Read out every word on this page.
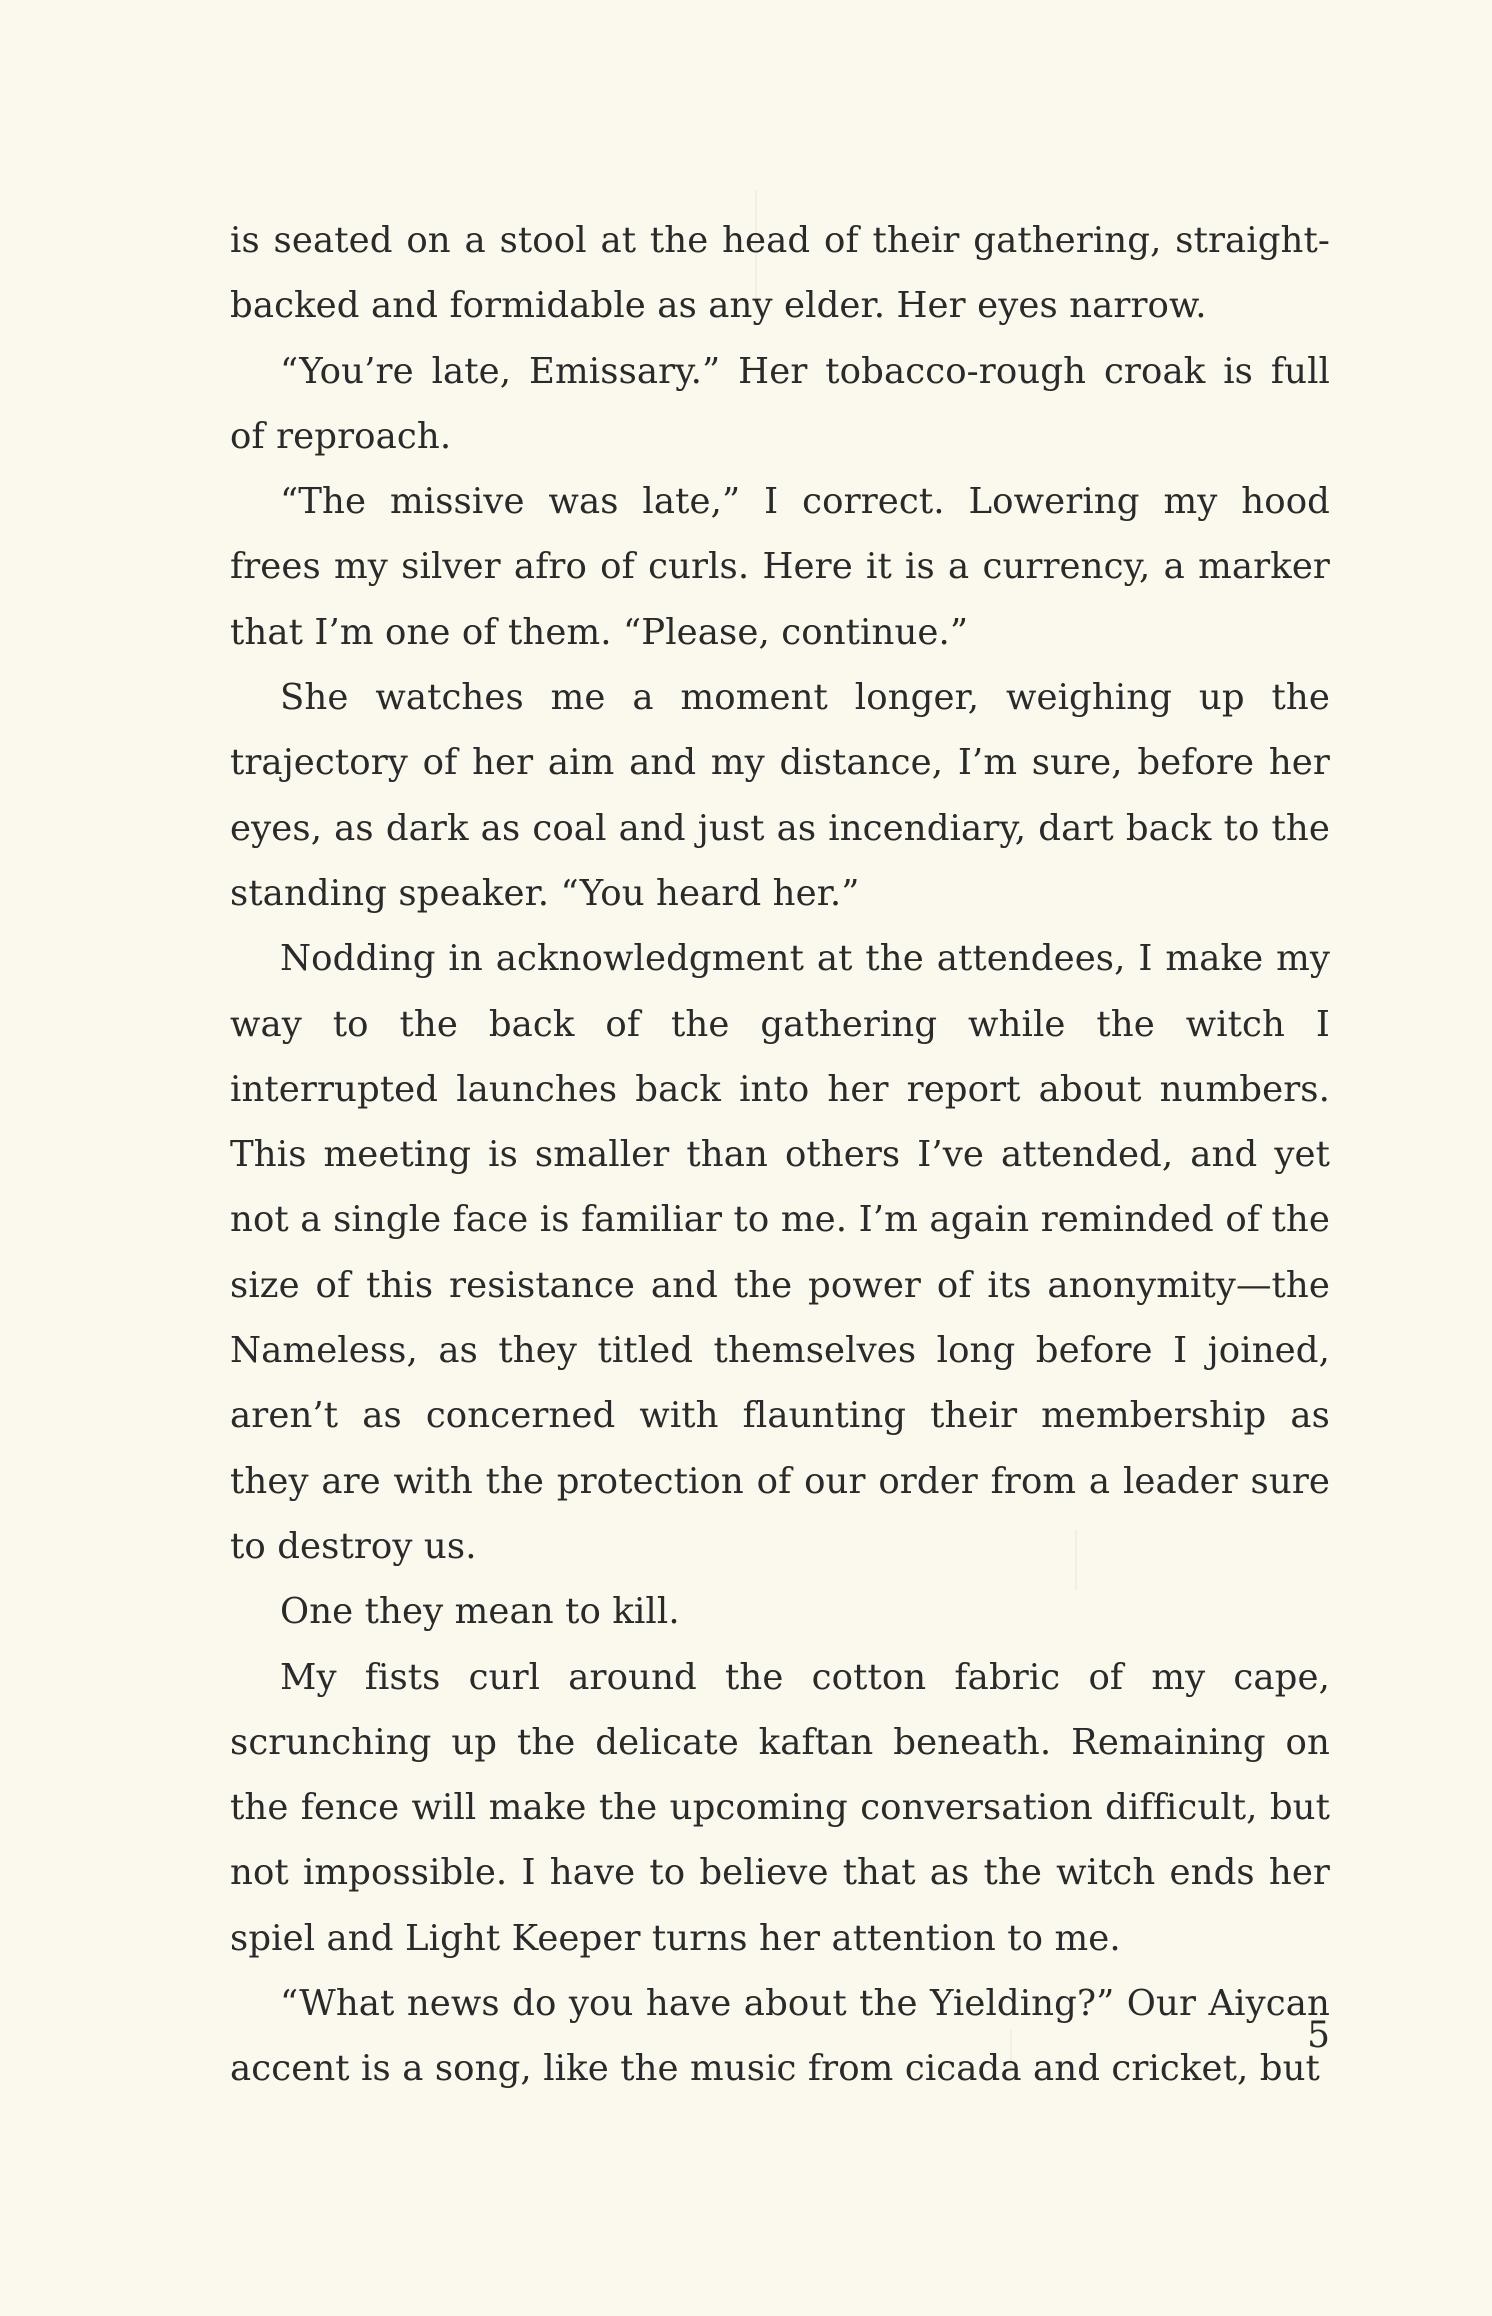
is seated on a stool at the head of their gathering, straight-backed and formidable as any elder. Her eyes narrow.

“You’re late, Emissary.” Her tobacco-rough croak is full of reproach.

“The missive was late,” I correct. Lowering my hood frees my silver afro of curls. Here it is a currency, a marker that I’m one of them. “Please, continue.”

She watches me a moment longer, weighing up the trajectory of her aim and my distance, I’m sure, before her eyes, as dark as coal and just as incendiary, dart back to the standing speaker. “You heard her.”

Nodding in acknowledgment at the attendees, I make my way to the back of the gathering while the witch I interrupted launches back into her report about numbers. This meeting is smaller than others I’ve attended, and yet not a single face is familiar to me. I’m again reminded of the size of this resistance and the power of its anonymity—the Nameless, as they titled themselves long before I joined, aren’t as concerned with flaunting their membership as they are with the protection of our order from a leader sure to destroy us.

One they mean to kill.

My fists curl around the cotton fabric of my cape, scrunching up the delicate kaftan beneath. Remaining on the fence will make the upcoming conversation difficult, but not impossible. I have to believe that as the witch ends her spiel and Light Keeper turns her attention to me.

“What news do you have about the Yielding?” Our Aiycan accent is a song, like the music from cicada and cricket, but

5
